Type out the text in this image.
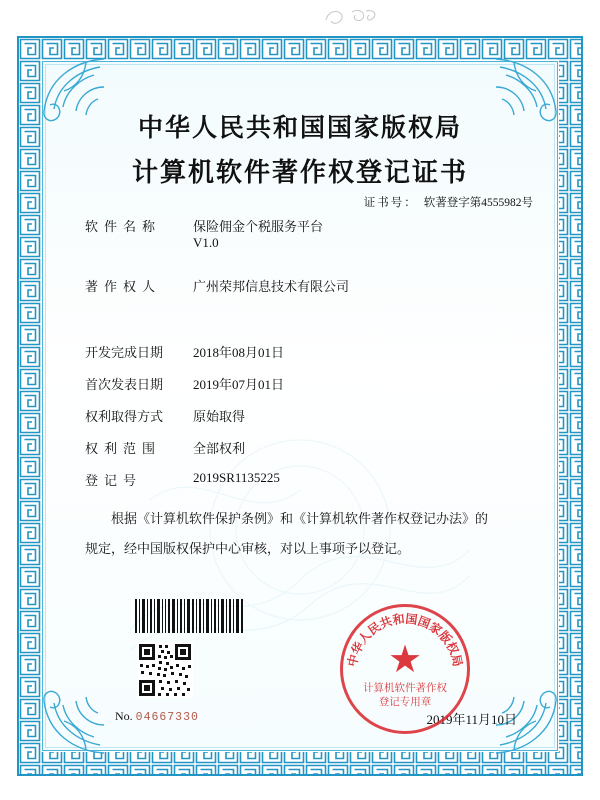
中华人民共和国国家版权局
计算机软件著作权登记证书
证书号： 软著登字第4555982号
软件名称 保险佣金个税服务平台
V1.0
著作权人 广州荣邦信息技术有限公司
开发完成日期 2018年08月01日
首次发表日期 2019年07月01日
权利取得方式 原始取得
权利范围 全部权利
登记号	2019SR1135225
根据《计算机软件保护条例》和《计算机软件著作权登记办法》的
规定，经中国版权保护中心审核，对以上事项予以登记。
No. 04667330	2019年11月10日
中华人民共和国国家版权局
★
计算机软件著作权
登记专用章
